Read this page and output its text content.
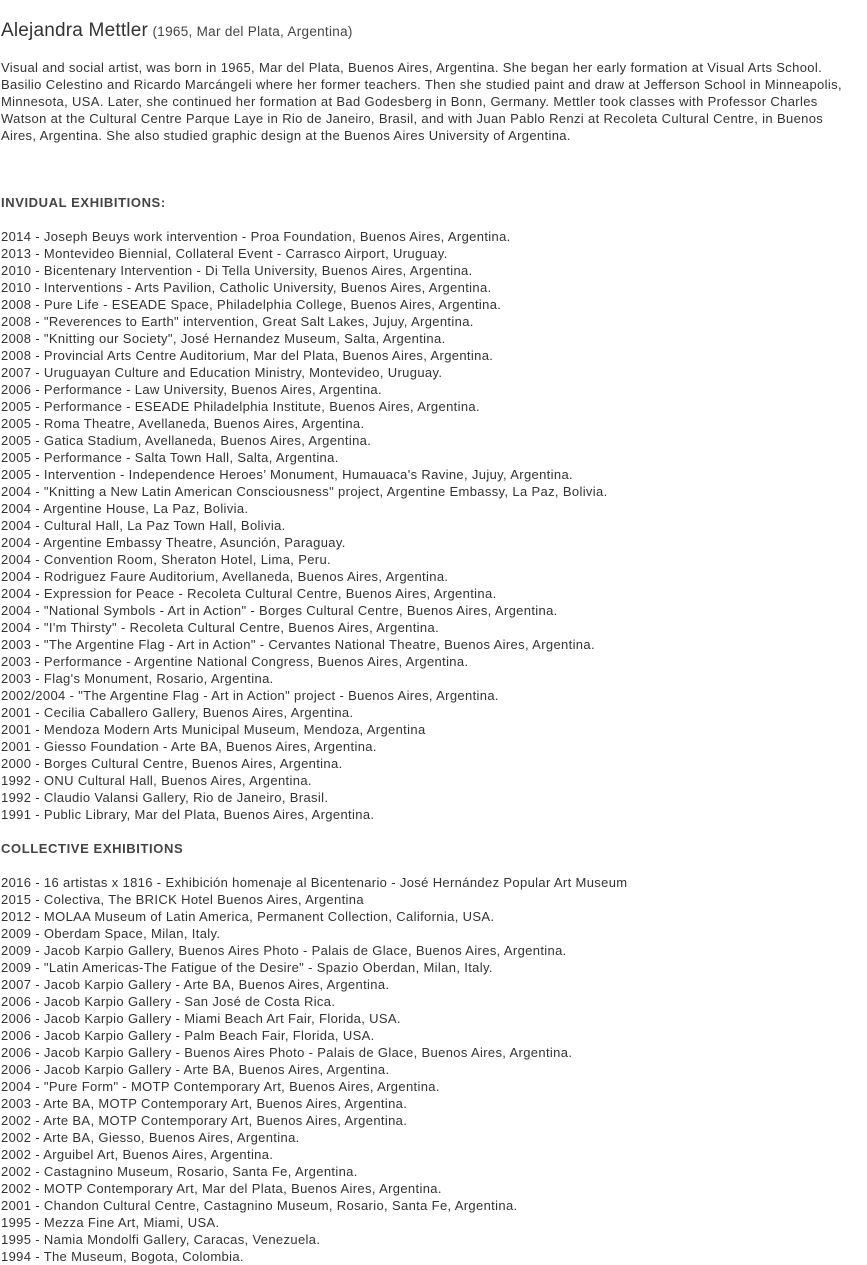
Alejandra Mettler (1965, Mar del Plata, Argentina)

Visual and social artist, was born in 1965, Mar del Plata, Buenos Aires, Argentina. She began her early formation at Visual Arts School. Basilio Celestino and Ricardo Marcángeli where her former teachers. Then she studied paint and draw at Jefferson School in Minneapolis, Minnesota, USA. Later, she continued her formation at Bad Godesberg in Bonn, Germany. Mettler took classes with Professor Charles Watson at the Cultural Centre Parque Laye in Rio de Janeiro, Brasil, and with Juan Pablo Renzi at Recoleta Cultural Centre, in Buenos Aires, Argentina. She also studied graphic design at the Buenos Aires University of Argentina.

INVIDUAL EXHIBITIONS:
2014 - Joseph Beuys work intervention - Proa Foundation, Buenos Aires, Argentina.
2013 - Montevideo Biennial, Collateral Event - Carrasco Airport, Uruguay.
2010 - Bicentenary Intervention - Di Tella University, Buenos Aires, Argentina.
2010 - Interventions - Arts Pavilion, Catholic University, Buenos Aires, Argentina.
2008 - Pure Life - ESEADE Space, Philadelphia College, Buenos Aires, Argentina.
2008 - "Reverences to Earth" intervention, Great Salt Lakes, Jujuy, Argentina.
2008 - "Knitting our Society", José Hernandez Museum, Salta, Argentina.
2008 - Provincial Arts Centre Auditorium, Mar del Plata, Buenos Aires, Argentina.
2007 - Uruguayan Culture and Education Ministry, Montevideo, Uruguay.
2006 - Performance - Law University, Buenos Aires, Argentina.
2005 - Performance - ESEADE Philadelphia Institute, Buenos Aires, Argentina.
2005 - Roma Theatre, Avellaneda, Buenos Aires, Argentina.
2005 - Gatica Stadium, Avellaneda, Buenos Aires, Argentina.
2005 - Performance - Salta Town Hall, Salta, Argentina.
2005 - Intervention - Independence Heroes’ Monument, Humauaca's Ravine, Jujuy, Argentina.
2004 - "Knitting a New Latin American Consciousness" project, Argentine Embassy, La Paz, Bolivia.
2004 - Argentine House, La Paz, Bolivia.
2004 - Cultural Hall, La Paz Town Hall, Bolivia.
2004 - Argentine Embassy Theatre, Asunción, Paraguay.
2004 - Convention Room, Sheraton Hotel, Lima, Peru.
2004 - Rodriguez Faure Auditorium, Avellaneda, Buenos Aires, Argentina.
2004 - Expression for Peace - Recoleta Cultural Centre, Buenos Aires, Argentina.
2004 - "National Symbols - Art in Action" - Borges Cultural Centre, Buenos Aires, Argentina.
2004 - "I'm Thirsty" - Recoleta Cultural Centre, Buenos Aires, Argentina.
2003 - "The Argentine Flag - Art in Action" - Cervantes National Theatre, Buenos Aires, Argentina.
2003 - Performance - Argentine National Congress, Buenos Aires, Argentina.
2003 - Flag's Monument, Rosario, Argentina.
2002/2004 - "The Argentine Flag - Art in Action" project - Buenos Aires, Argentina.
2001 - Cecilia Caballero Gallery, Buenos Aires, Argentina.
2001 - Mendoza Modern Arts Municipal Museum, Mendoza, Argentina
2001 - Giesso Foundation - Arte BA, Buenos Aires, Argentina.
2000 - Borges Cultural Centre, Buenos Aires, Argentina.
1992 - ONU Cultural Hall, Buenos Aires, Argentina.
1992 - Claudio Valansi Gallery, Rio de Janeiro, Brasil.
1991 - Public Library, Mar del Plata, Buenos Aires, Argentina.
COLLECTIVE EXHIBITIONS
2016 - 16 artistas x 1816 - Exhibición homenaje al Bicentenario - José Hernández Popular Art Museum
2015 - Colectiva, The BRICK Hotel Buenos Aires, Argentina
2012 - MOLAA Museum of Latin America, Permanent Collection, California, USA.
2009 - Oberdam Space, Milan, Italy.
2009 - Jacob Karpio Gallery, Buenos Aires Photo - Palais de Glace, Buenos Aires, Argentina.
2009 - "Latin Americas-The Fatigue of the Desire" - Spazio Oberdan, Milan, Italy.
2007 - Jacob Karpio Gallery - Arte BA, Buenos Aires, Argentina.
2006 - Jacob Karpio Gallery - San José de Costa Rica.
2006 - Jacob Karpio Gallery - Miami Beach Art Fair, Florida, USA.
2006 - Jacob Karpio Gallery - Palm Beach Fair, Florida, USA.
2006 - Jacob Karpio Gallery - Buenos Aires Photo - Palais de Glace, Buenos Aires, Argentina.
2006 - Jacob Karpio Gallery - Arte BA, Buenos Aires, Argentina.
2004 - "Pure Form" - MOTP Contemporary Art, Buenos Aires, Argentina.
2003 - Arte BA, MOTP Contemporary Art, Buenos Aires, Argentina.
2002 - Arte BA, MOTP Contemporary Art, Buenos Aires, Argentina.
2002 - Arte BA, Giesso, Buenos Aires, Argentina.
2002 - Arguibel Art, Buenos Aires, Argentina.
2002 - Castagnino Museum, Rosario, Santa Fe, Argentina.
2002 - MOTP Contemporary Art, Mar del Plata, Buenos Aires, Argentina.
2001 - Chandon Cultural Centre, Castagnino Museum, Rosario, Santa Fe, Argentina.
1995 - Mezza Fine Art, Miami, USA.
1995 - Namia Mondolfi Gallery, Caracas, Venezuela.
1994 - The Museum, Bogota, Colombia.
